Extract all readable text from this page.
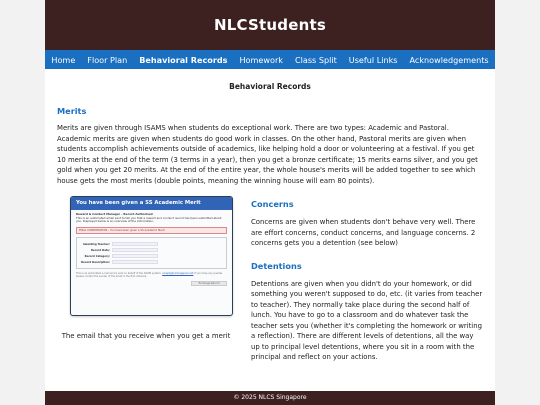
NLCStudents
Home Floor Plan Behavioral Records Homework Class Split Useful Links Acknowledgements
Behavioral Records
Merits

Merits are given through ISAMS when students do exceptional work. There are two types: Academic and Pastoral. Academic merits are given when students do good work in classes. On the other hand, Pastoral merits are given when students accomplish achievements outside of academics, like helping hold a door or volunteering at a festival. If you get 10 merits at the end of the term (3 terms in a year), then you get a bronze certificate; 15 merits earns silver, and you get gold when you get 20 merits. At the end of the entire year, the whole house's merits will be added together to see which house gets the most merits (double points, meaning the winning house will earn 80 points).

You have been given a SS Academic Merit
Reward & Conduct Manager – Record Authorised
This is an automated email sent to tell you that a reward and conduct record has been submitted about you. Displayed below is an overview of the information.
FINAL CONFIRMATION – You have been given a SS Academic Merit
Awarding Teacher:
Record Date:
Record Category:
Record Description:
This is an automated e-mail and is sent on behalf of the iSAMS system. noreply@nlcsingapore.net If you have any queries please contact the sender of the email in the first instance.
Exchange Record
The email that you receive when you get a merit
Concerns

Concerns are given when students don't behave very well. There are effort concerns, conduct concerns, and language concerns. 2 concerns gets you a detention (see below)

Detentions

Detentions are given when you didn't do your homework, or did something you weren't supposed to do, etc. (it varies from teacher to teacher). They normally take place during the second half of lunch. You have to go to a classroom and do whatever task the teacher sets you (whether it's completing the homework or writing a reflection). There are different levels of detentions, all the way up to principal level detentions, where you sit in a room with the principal and reflect on your actions.

© 2025 NLCS Singapore
